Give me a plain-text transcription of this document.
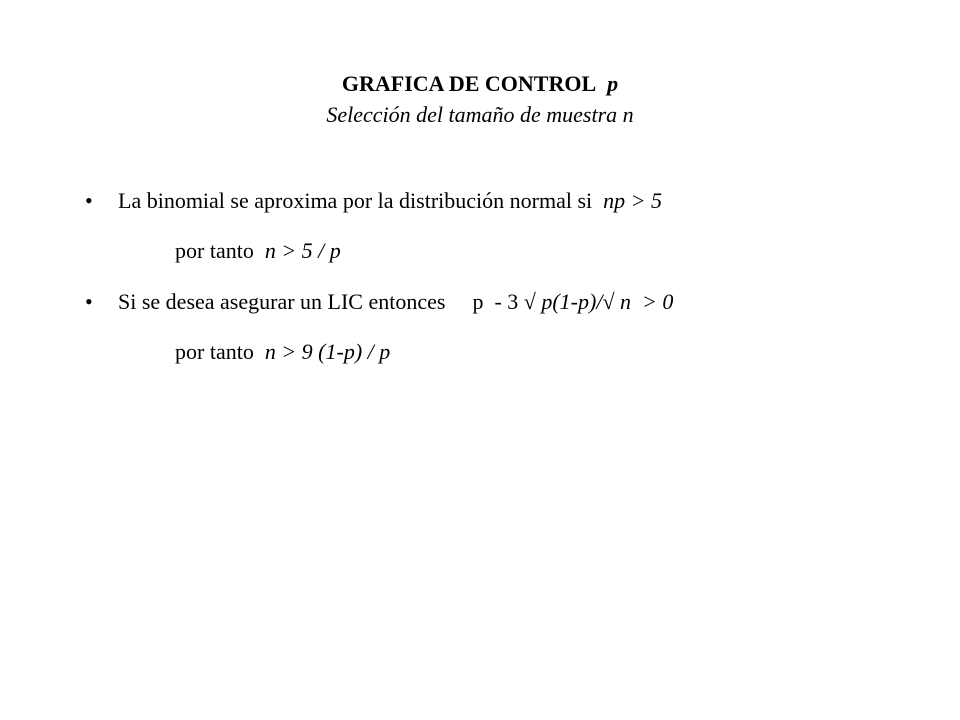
GRAFICA DE CONTROL p
Selección del tamaño de muestra n
• La binomial se aproxima por la distribución normal si np > 5
por tanto n > 5 / p
• Si se desea asegurar un LIC entonces p  - 3 √ p(1-p)/√ n  > 0
por tanto n > 9 (1-p) / p
